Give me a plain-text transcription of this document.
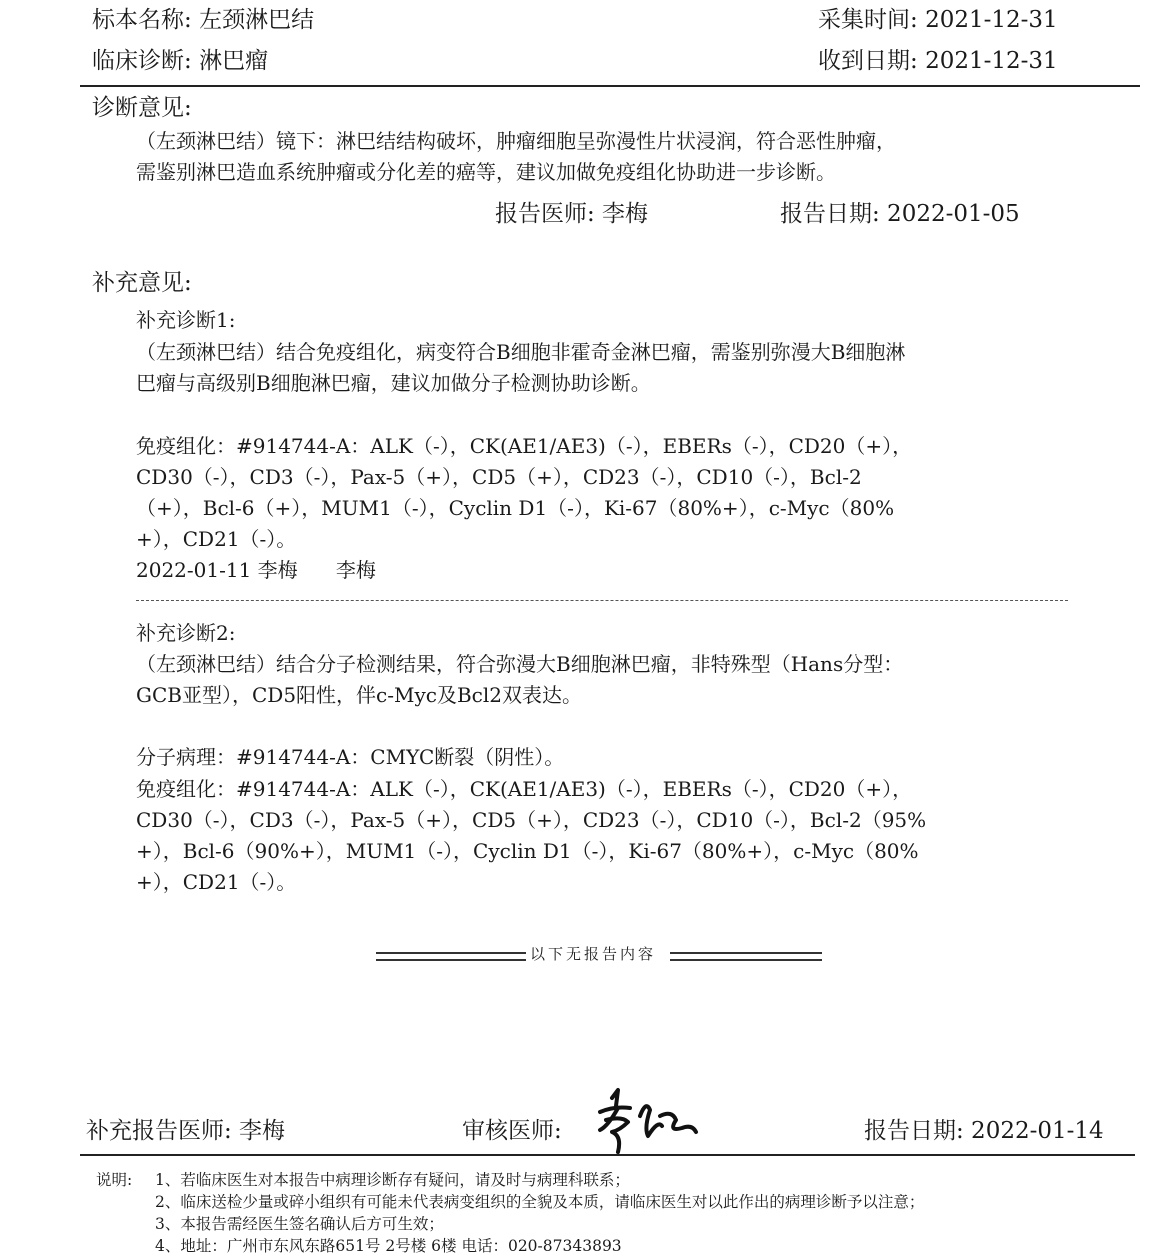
标本名称: 左颈淋巴结	采集时间: 2021-12-31
临床诊断: 淋巴瘤	收到日期: 2021-12-31
诊断意见:
（左颈淋巴结）镜下：淋巴结结构破坏，肿瘤细胞呈弥漫性片状浸润，符合恶性肿瘤，
需鉴别淋巴造血系统肿瘤或分化差的癌等，建议加做免疫组化协助进一步诊断。
报告医师: 李梅	报告日期: 2022-01-05
补充意见:
补充诊断1:
（左颈淋巴结）结合免疫组化，病变符合B细胞非霍奇金淋巴瘤，需鉴别弥漫大B细胞淋
巴瘤与高级别B细胞淋巴瘤，建议加做分子检测协助诊断。
免疫组化：#914744-A：ALK（-），CK(AE1/AE3)（-），EBERs（-），CD20（+），
CD30（-），CD3（-），Pax-5（+），CD5（+），CD23（-），CD10（-），Bcl-2
（+），Bcl-6（+），MUM1（-），Cyclin D1（-），Ki-67（80%+），c-Myc（80%
+），CD21（-）。
2022-01-11 李梅      李梅
补充诊断2:
（左颈淋巴结）结合分子检测结果，符合弥漫大B细胞淋巴瘤，非特殊型（Hans分型：
GCB亚型），CD5阳性，伴c-Myc及Bcl2双表达。
分子病理：#914744-A：CMYC断裂（阴性）。
免疫组化：#914744-A：ALK（-），CK(AE1/AE3)（-），EBERs（-），CD20（+），
CD30（-），CD3（-），Pax-5（+），CD5（+），CD23（-），CD10（-），Bcl-2（95%
+），Bcl-6（90%+），MUM1（-），Cyclin D1（-），Ki-67（80%+），c-Myc（80%
+），CD21（-）。
以下无报告内容
补充报告医师: 李梅	审核医师:	报告日期: 2022-01-14
说明: 1、若临床医生对本报告中病理诊断存有疑问，请及时与病理科联系；
2、临床送检少量或碎小组织有可能未代表病变组织的全貌及本质，请临床医生对以此作出的病理诊断予以注意；
3、本报告需经医生签名确认后方可生效；
4、地址：广州市东风东路651号 2号楼 6楼 电话：020-87343893
